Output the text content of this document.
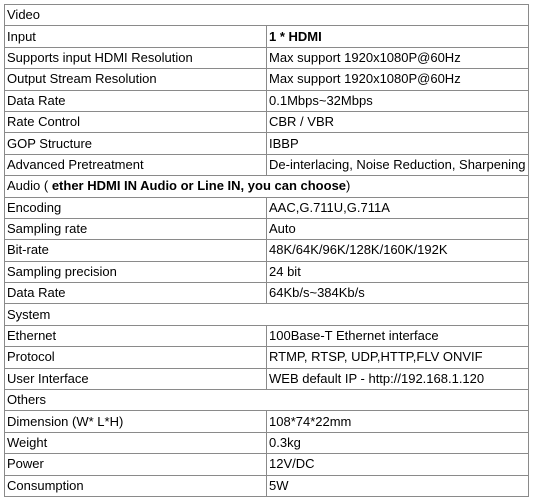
Video	
Input	1 * HDMI
Supports input HDMI Resolution	Max support 1920x1080P@60Hz
Output Stream Resolution	Max support 1920x1080P@60Hz
Data Rate	0.1Mbps~32Mbps
Rate Control	CBR / VBR
GOP Structure	IBBP
Advanced Pretreatment	De-interlacing, Noise Reduction, Sharpening
Audio ( ether HDMI IN Audio or Line IN, you can choose)	
Encoding	AAC,G.711U,G.711A
Sampling rate	Auto
Bit-rate	48K/64K/96K/128K/160K/192K
Sampling precision	24 bit
Data Rate	64Kb/s~384Kb/s
System	
Ethernet	100Base-T Ethernet interface
Protocol	RTMP, RTSP, UDP,HTTP,FLV ONVIF
User Interface	WEB default IP - http://192.168.1.120
Others	
Dimension (W* L*H)	108*74*22mm
Weight	0.3kg
Power	12V/DC
Consumption	5W
